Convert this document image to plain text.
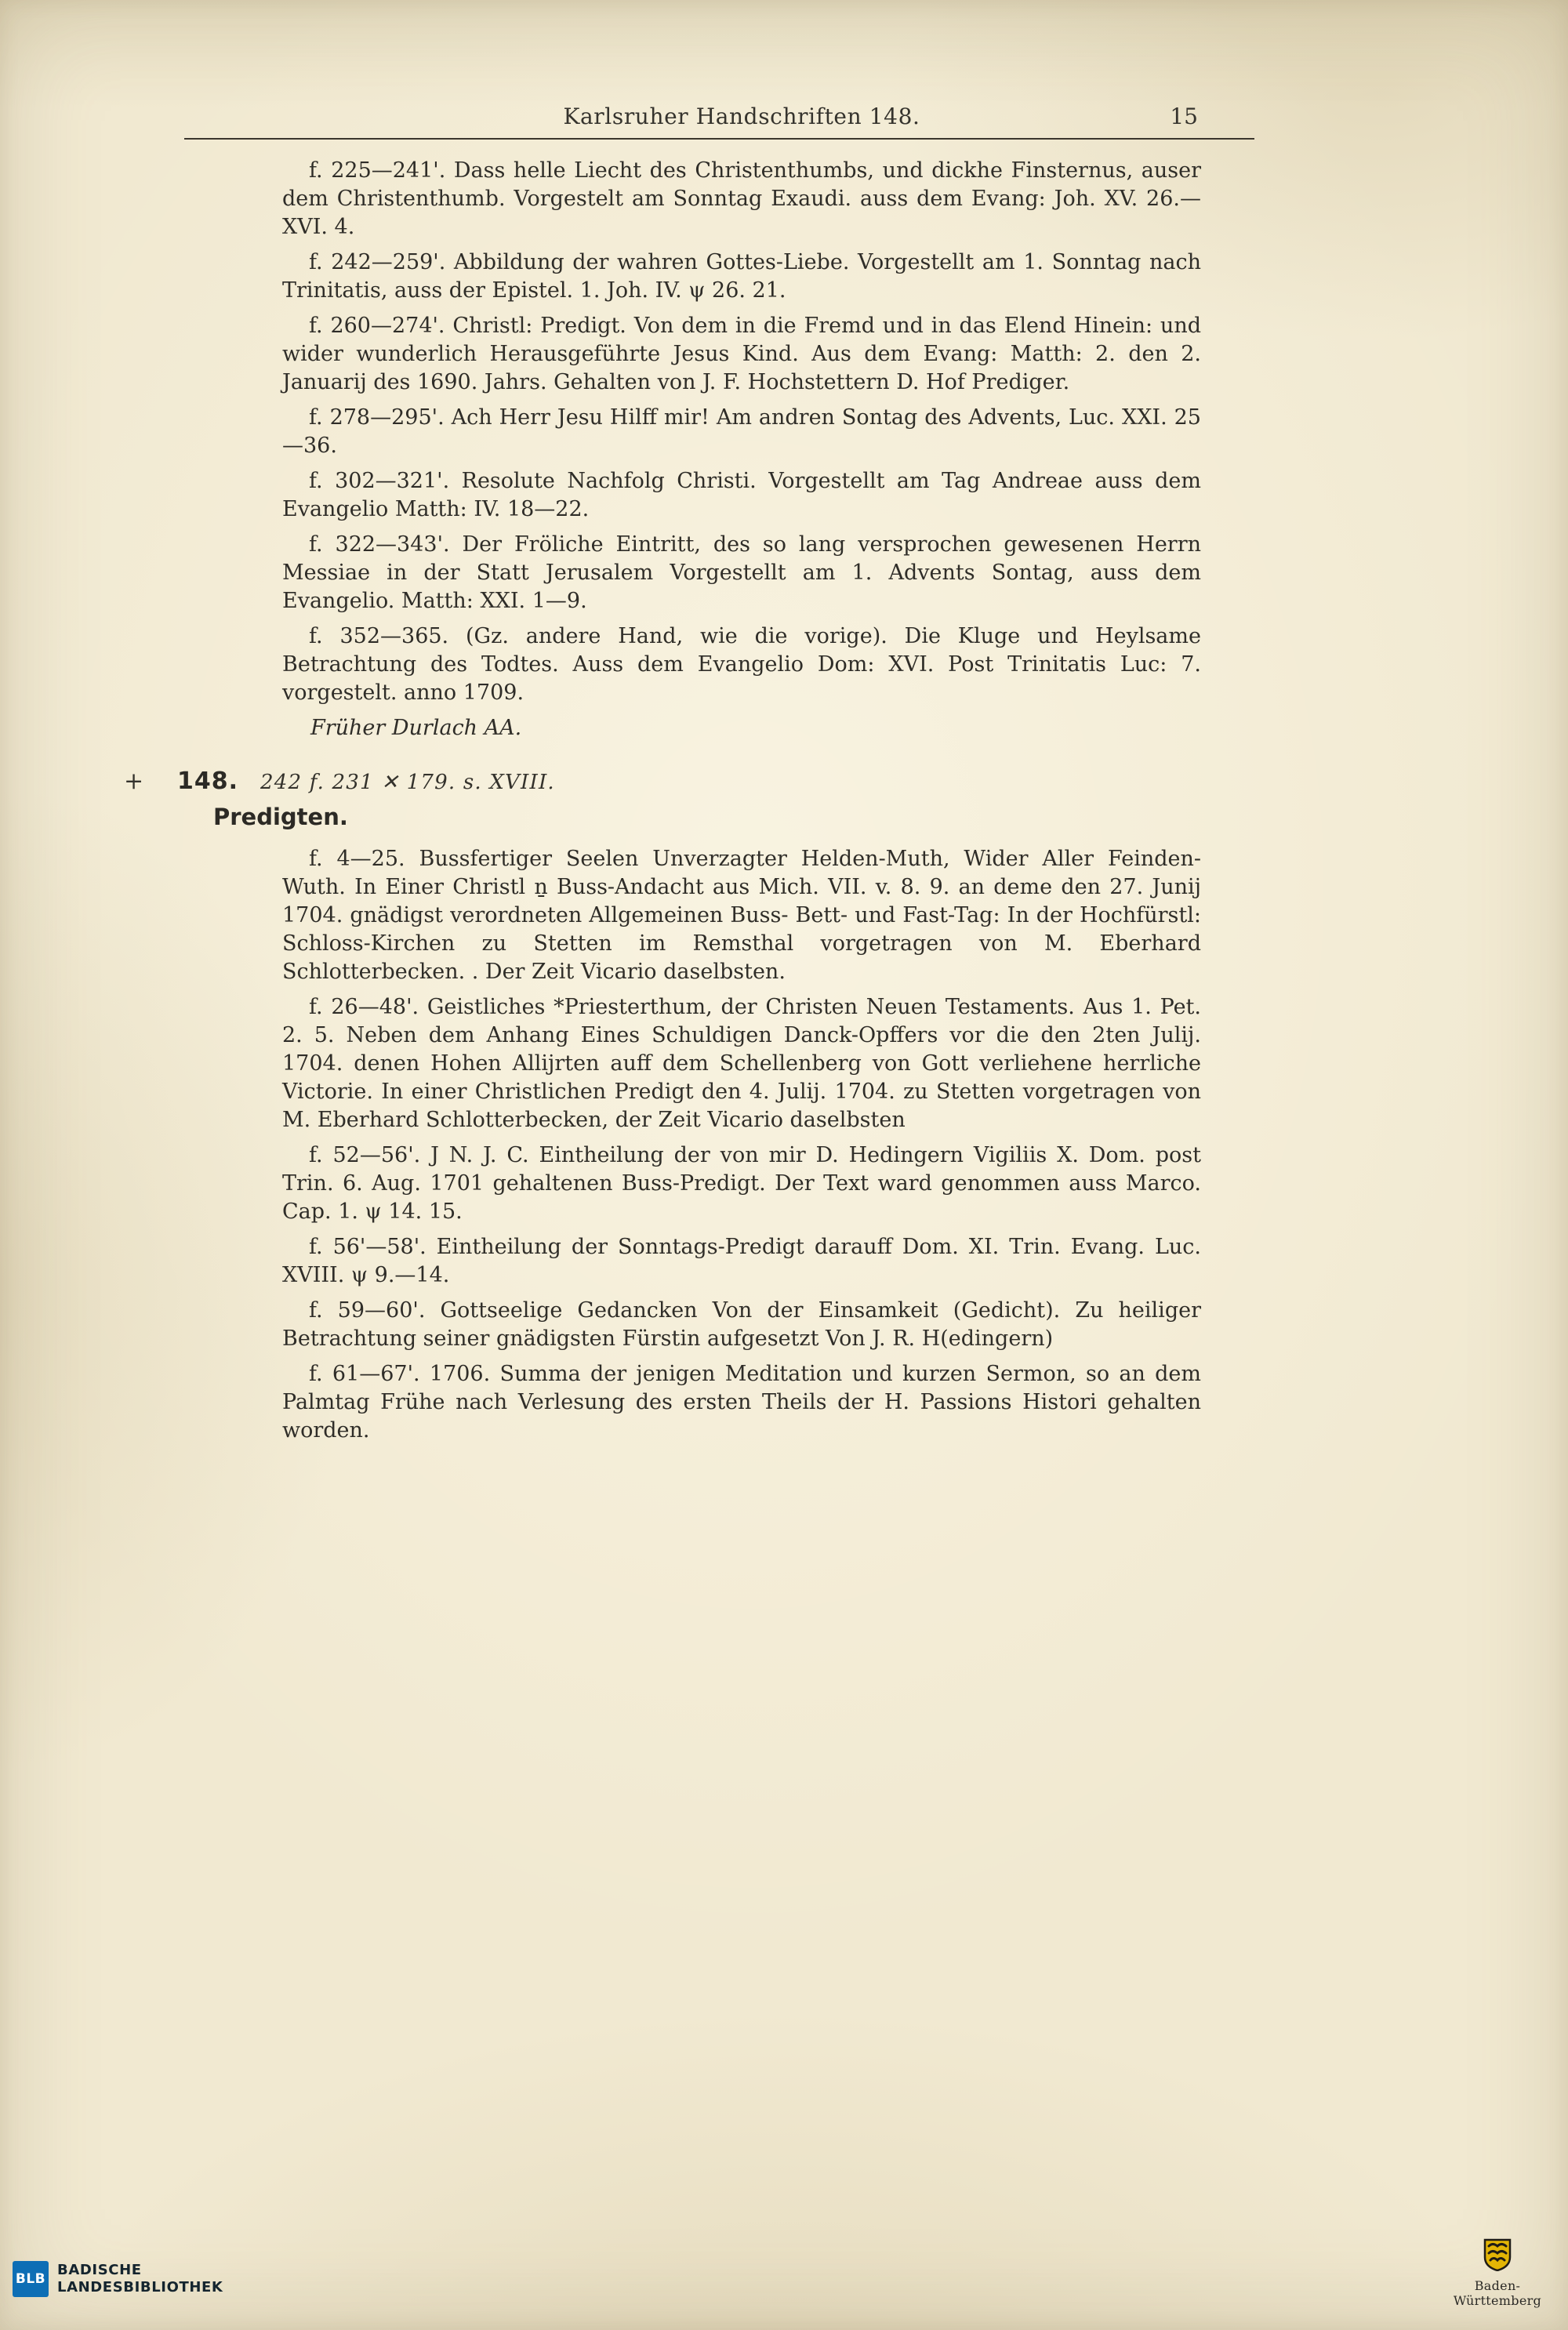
Karlsruher Handschriften 148.	15

f. 225—241'. Dass helle Liecht des Christenthumbs, und dickhe Finsternus, auser dem Christenthumb. Vorgestelt am Sonntag Exaudi. auss dem Evang: Joh. XV. 26.—XVI. 4.

f. 242—259'. Abbildung der wahren Gottes-Liebe. Vorgestellt am 1. Sonntag nach Trinitatis, auss der Epistel. 1. Joh. IV. ψ 26. 21.

f. 260—274'. Christl: Predigt. Von dem in die Fremd und in das Elend Hinein: und wider wunderlich Herausgeführte Jesus Kind. Aus dem Evang: Matth: 2. den 2. Januarij des 1690. Jahrs. Gehalten von J. F. Hochstettern D. Hof Prediger.

f. 278—295'. Ach Herr Jesu Hilff mir! Am andren Sontag des Advents, Luc. XXI. 25—36.

f. 302—321'. Resolute Nachfolg Christi. Vorgestellt am Tag Andreae auss dem Evangelio Matth: IV. 18—22.

f. 322—343'. Der Fröliche Eintritt, des so lang versprochen gewesenen Herrn Messiae in der Statt Jerusalem Vorgestellt am 1. Advents Sontag, auss dem Evangelio. Matth: XXI. 1—9.

f. 352—365. (Gz. andere Hand, wie die vorige). Die Kluge und Heylsame Betrachtung des Todtes. Auss dem Evangelio Dom: XVI. Post Trinitatis Luc: 7. vorgestelt. anno 1709.

Früher Durlach AA.

+ 148. 242 f. 231 ✕ 179. s. XVIII.
Predigten.

f. 4—25. Bussfertiger Seelen Unverzagter Helden-Muth, Wider Aller Feinden-Wuth. In Einer Christl ṉ Buss-Andacht aus Mich. VII. v. 8. 9. an deme den 27. Junij 1704. gnädigst verordneten Allgemeinen Buss- Bett- und Fast-Tag: In der Hochfürstl: Schloss-Kirchen zu Stetten im Remsthal vorgetragen von M. Eberhard Schlotterbecken. . Der Zeit Vicario daselbsten.

f. 26—48'. Geistliches *Priesterthum, der Christen Neuen Testaments. Aus 1. Pet. 2. 5. Neben dem Anhang Eines Schuldigen Danck-Opffers vor die den 2ten Julij. 1704. denen Hohen Allijrten auff dem Schellenberg von Gott verliehene herrliche Victorie. In einer Christlichen Predigt den 4. Julij. 1704. zu Stetten vorgetragen von M. Eberhard Schlotterbecken, der Zeit Vicario daselbsten

f. 52—56'. J N. J. C. Eintheilung der von mir D. Hedingern Vigiliis X. Dom. post Trin. 6. Aug. 1701 gehaltenen Buss-Predigt. Der Text ward genommen auss Marco. Cap. 1. ψ 14. 15.

f. 56'—58'. Eintheilung der Sonntags-Predigt darauff Dom. XI. Trin. Evang. Luc. XVIII. ψ 9.—14.

f. 59—60'. Gottseelige Gedancken Von der Einsamkeit (Gedicht). Zu heiliger Betrachtung seiner gnädigsten Fürstin aufgesetzt Von J. R. H(edingern)

f. 61—67'. 1706. Summa der jenigen Meditation und kurzen Sermon, so an dem Palmtag Frühe nach Verlesung des ersten Theils der H. Passions Histori gehalten worden.

BLB
BADISCHE
LANDESBIBLIOTHEK	Baden-Württemberg
